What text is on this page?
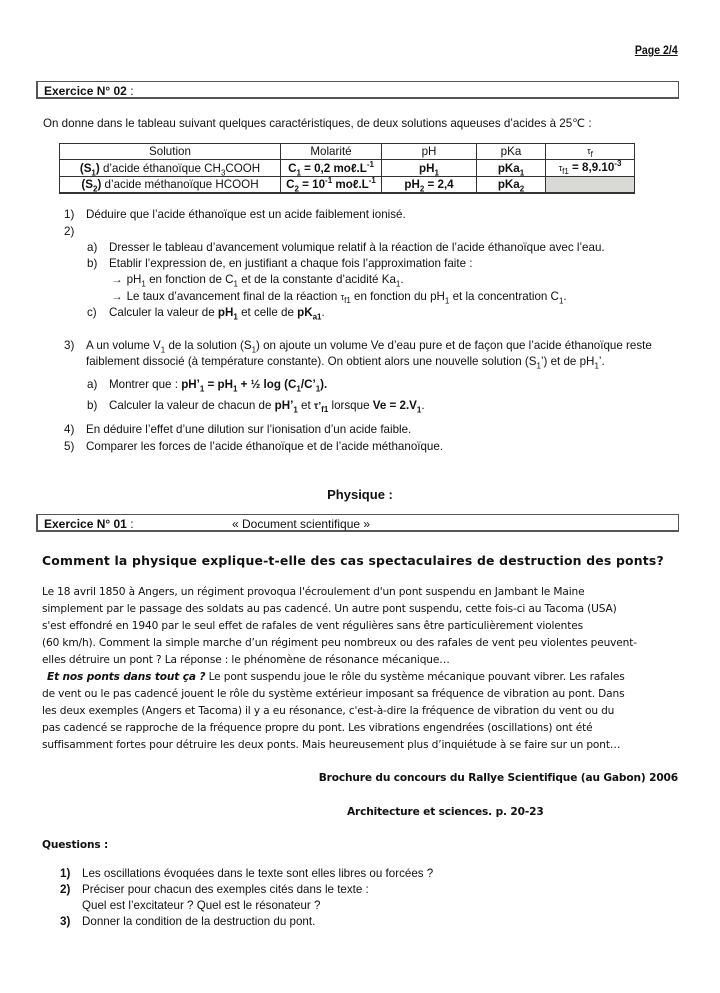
Page 2/4
Exercice N° 02 :
On donne dans le tableau suivant quelques caractéristiques, de deux solutions aqueuses d’acides à 25℃ :
Solution	Molarité	pH	pKa	$\tau_f$
$(S_1)$ d’acide éthanoïque $CH_3COOH$	$C_1 = 0,2$ $mo\ell.L^{-1}$	$pH_1$	pKa$_1$	$\tau_{f1} = 8,9.10^{-3}$
$(S_2)$ d’acide méthanoïque HCOOH	$C_2 = 10^{-1}$ $mo\ell.L^{-1}$	$pH_2 = 2,4$	pKa$_2$	
1) Déduire que l’acide éthanoïque est un acide faiblement ionisé.
2)
a) Dresser le tableau d’avancement volumique relatif à la réaction de l’acide éthanoïque avec l’eau.
b) Etablir l’expression de, en justifiant a chaque fois l’approximation faite :
→ $pH_1$ en fonction de $C_1$ et de la constante d’acidité $Ka_1$.
→ Le taux d’avancement final de la réaction $\tau_{f1}$ en fonction du $pH_1$ et la concentration $C_1$.
c) Calculer la valeur de $pH_1$ et celle de $pK_{a1}$.
3) A un volume $V_1$ de la solution $(S_1)$ on ajoute un volume Ve d’eau pure et de façon que l’acide éthanoïque reste
faiblement dissocié (à température constante). On obtient alors une nouvelle solution $(S_1’)$ et de $pH_1$’.
a) Montrer que : $pH’_1 = pH_1$ + ½ $\log (C_1/C’_1)$.
b) Calculer la valeur de chacun de $pH’_1$ et $\tau’_{f1}$ lorsque $Ve = 2.V_1$.
4) En déduire l’effet d’une dilution sur l’ionisation d’un acide faible.
5) Comparer les forces de l’acide éthanoïque et de l’acide méthanoïque.
Physique :
Exercice N° 01 :	« Document scientifique »
Comment la physique explique-t-elle des cas spectaculaires de destruction des ponts?
Le 18 avril 1850 à Angers, un régiment provoqua l'écroulement d'un pont suspendu en Jambant le Maine
simplement par le passage des soldats au pas cadencé. Un autre pont suspendu, cette fois-ci au Tacoma (USA)
s'est effondré en 1940 par le seul effet de rafales de vent régulières sans être particulièrement violentes
(60 km/h). Comment la simple marche d’un régiment peu nombreux ou des rafales de vent peu violentes peuvent-
elles détruire un pont ? La réponse : le phénomène de résonance mécanique…
Et nos ponts dans tout ça ? Le pont suspendu joue le rôle du système mécanique pouvant vibrer. Les rafales
de vent ou le pas cadencé jouent le rôle du système extérieur imposant sa fréquence de vibration au pont. Dans
les deux exemples (Angers et Tacoma) il y a eu résonance, c'est-à-dire la fréquence de vibration du vent ou du
pas cadencé se rapproche de la fréquence propre du pont. Les vibrations engendrées (oscillations) ont été
suffisamment fortes pour détruire les deux ponts. Mais heureusement plus d’inquiétude à se faire sur un pont…
Brochure du concours du Rallye Scientifique (au Gabon) 2006
Architecture et sciences. p. 20-23
Questions :
1) Les oscillations évoquées dans le texte sont elles libres ou forcées ?
2) Préciser pour chacun des exemples cités dans le texte :
Quel est l’excitateur ? Quel est le résonateur ?
3) Donner la condition de la destruction du pont.
